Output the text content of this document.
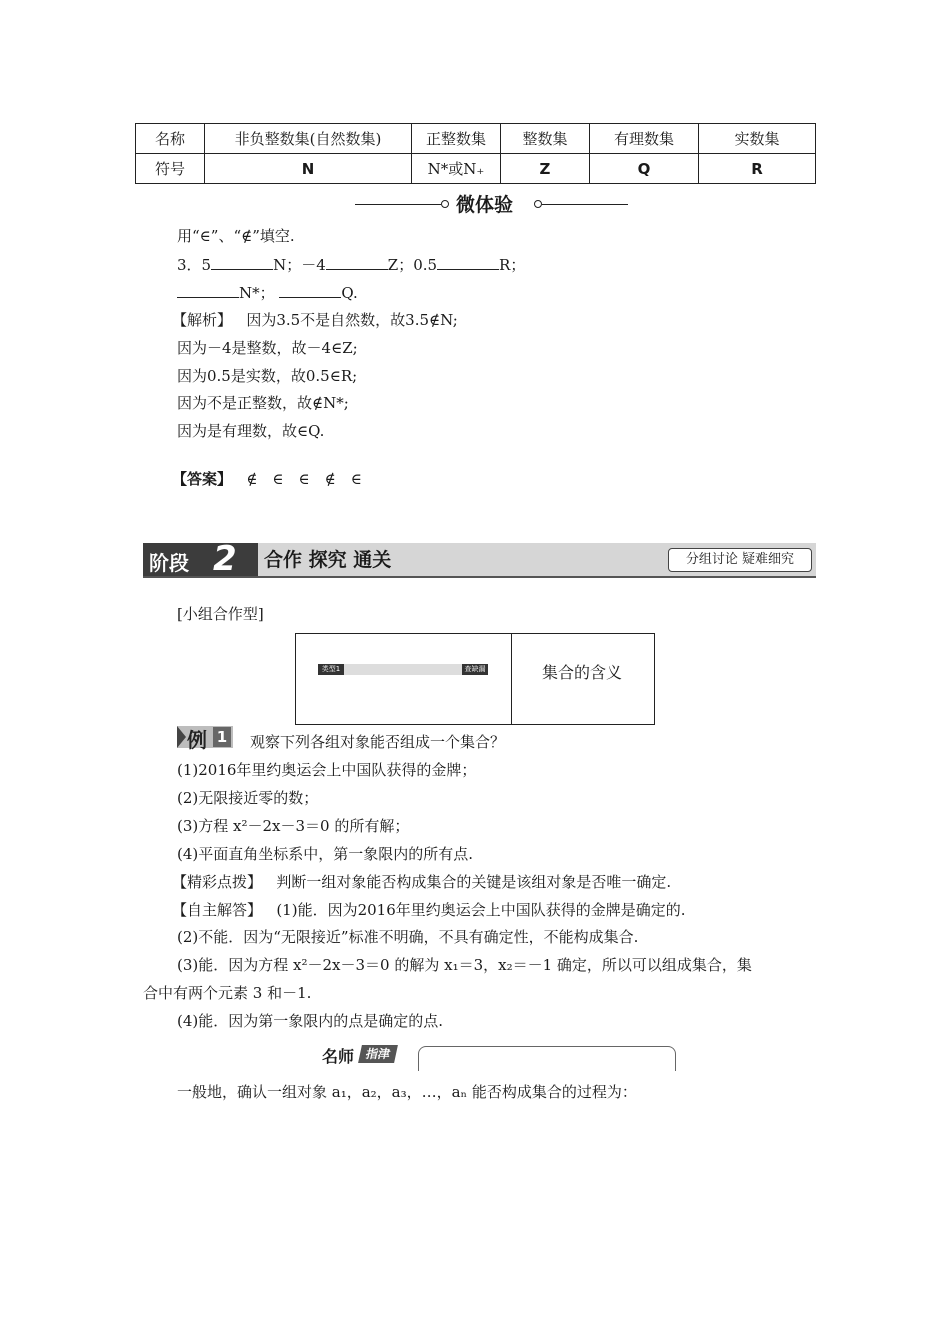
名称	非负整数集(自然数集)	正整数集	整数集	有理数集	实数集
符号	N	N*或N₊	Z	Q	R
微体验
用“∈”、“∉”填空.
3．5	N；－4	Z；0.5	R；
N*；	Q.
【解析】 因为3.5不是自然数，故3.5∉N;
因为－4是整数，故－4∈Z;
因为0.5是实数，故0.5∈R;
因为不是正整数，故∉N*;
因为是有理数，故∈Q.
【答案】 ∉　∈　∈　∉　∈
阶段 2 合作 探究 通关	分组讨论 疑难细究
[小组合作型]
类型1	查缺漏	集合的含义
例 1 观察下列各组对象能否组成一个集合？
(1)2016年里约奥运会上中国队获得的金牌；
(2)无限接近零的数；
(3)方程 x²－2x－3＝0 的所有解；
(4)平面直角坐标系中，第一象限内的所有点.
【精彩点拨】 判断一组对象能否构成集合的关键是该组对象是否唯一确定.
【自主解答】 (1)能．因为2016年里约奥运会上中国队获得的金牌是确定的.
(2)不能．因为“无限接近”标准不明确，不具有确定性，不能构成集合.
(3)能．因为方程 x²－2x－3＝0 的解为 x₁＝3，x₂＝－1 确定，所以可以组成集合，集
合中有两个元素 3 和－1.
(4)能．因为第一象限内的点是确定的点.
名师 指津
一般地，确认一组对象 a₁，a₂，a₃，…，aₙ 能否构成集合的过程为：
